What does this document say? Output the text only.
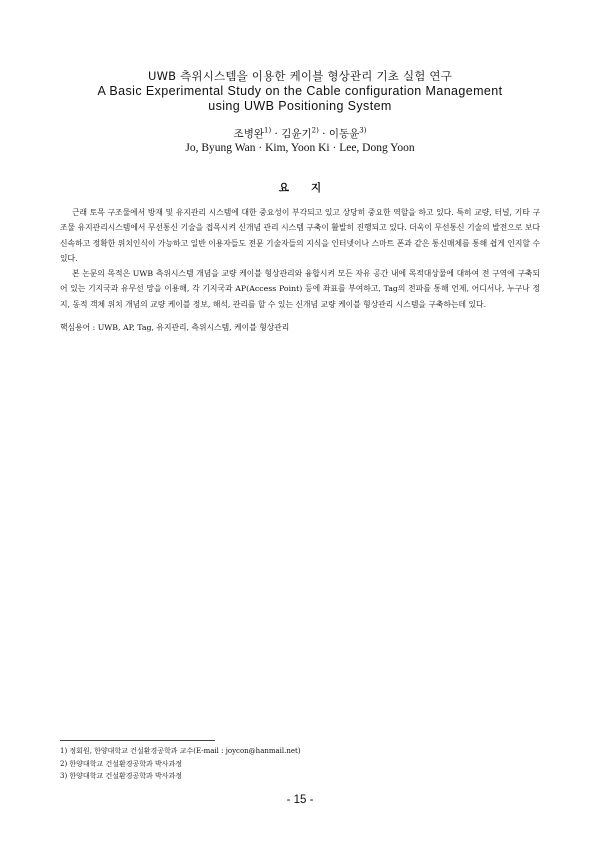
UWB 측위시스템을 이용한 케이블 형상관리 기초 실험 연구
A Basic Experimental Study on the Cable configuration Management
using UWB Positioning System
조병완$^{1)}$ · 김윤기$^{2)}$ · 이동윤$^{3)}$
Jo, Byung Wan · Kim, Yoon Ki · Lee, Dong Yoon
요지

근래 토목 구조물에서 방재 및 유지관리 시스템에 대한 중요성이 부각되고 있고 상당히 중요한 역할을 하고 있다. 특히 교량, 터널, 기타 구조물 유지관리시스템에서 무선통신 기술을 접목시켜 신개념 관리 시스템 구축이 활발히 진행되고 있다. 더욱이 무선통신 기술의 발전으로 보다 신속하고 정확한 위치인식이 가능하고 일반 이용자들도 전문 기술자들의 지식을 인터넷이나 스마트 폰과 같은 통신매체를 통해 쉽게 인지할 수 있다.

본 논문의 목적은 UWB 측위시스템 개념을 교량 케이블 형상관리와 융합시켜 모든 자유 공간 내에 목적대상물에 대하여 전 구역에 구축되어 있는 기지국과 유무선 망을 이용해, 각 기지국과 AP(Access Point) 등에 좌표를 부여하고, Tag의 전파를 통해 언제, 어디서나, 누구나 정지, 동적 객체 위치 개념의 교량 케이블 정보, 해석, 관리를 할 수 있는 신개념 교량 케이블 형상관리 시스템을 구축하는데 있다.

핵심용어 : UWB, AP, Tag, 유지관리, 측위시스템, 케이블 형상관리
1) 정회원, 한양대학교 건설환경공학과 교수(E-mail : joycon@hanmail.net)
2) 한양대학교 건설환경공학과 박사과정
3) 한양대학교 건설환경공학과 박사과정
- 15 -
